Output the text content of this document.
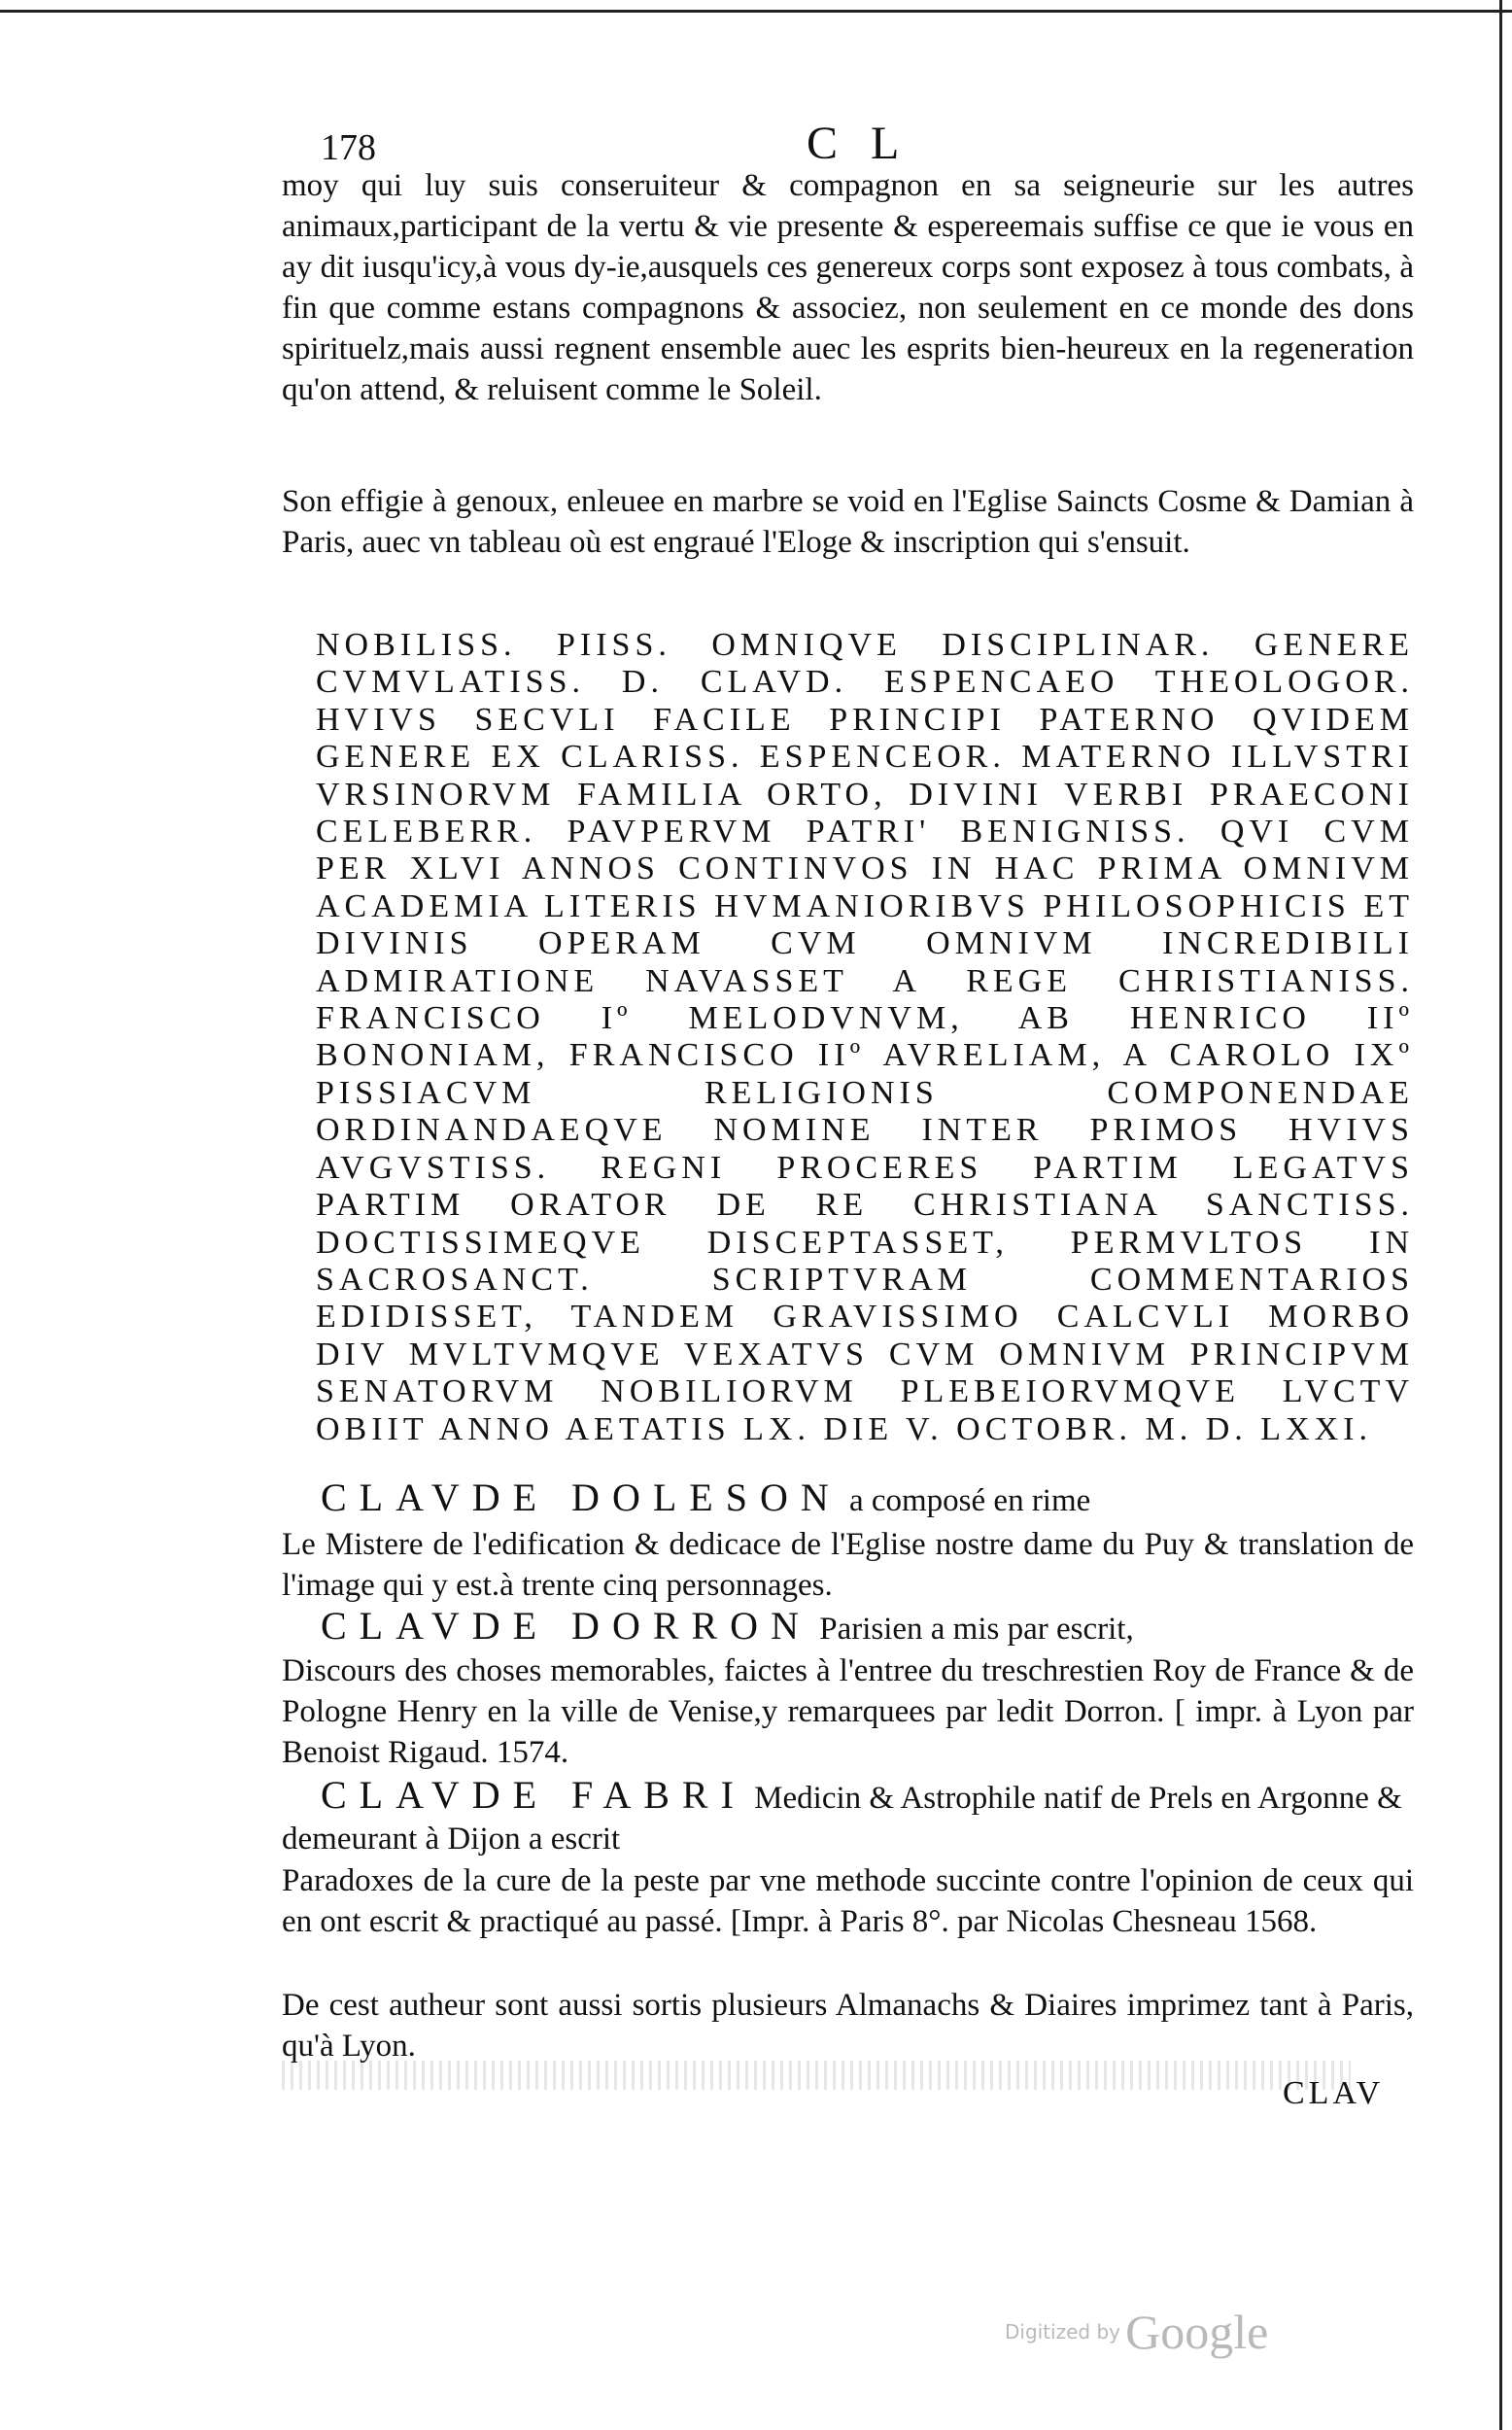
178	CL

moy qui luy suis conseruiteur & compagnon en sa seigneurie sur les autres animaux,participant de la vertu & vie presente & espereemais suffise ce que ie vous en ay dit iusqu'icy,à vous dy-ie,ausquels ces genereux corps sont exposez à tous combats, à fin que comme estans compagnons & associez, non seulement en ce monde des dons spirituelz,mais aussi regnent ensemble auec les esprits bien-heureux en la regeneration qu'on attend, & reluisent comme le Soleil.

Son effigie à genoux, enleuee en marbre se void en l'Eglise Saincts Cosme & Damian à Paris, auec vn tableau où est engraué l'Eloge & inscription qui s'ensuit.

NOBILISS. PIISS. OMNIQVE DISCIPLINAR. GENERE CVMVLATISS. D. CLAVD. ESPENCAEO THEOLOGOR. HVIVS SECVLI FACILE PRINCIPI PATERNO QVIDEM GENERE EX CLARISS. ESPENCEOR. MATERNO ILLVSTRI VRSINORVM FAMILIA ORTO, DIVINI VERBI PRAECONI CELEBERR. PAVPERVM PATRI' BENIGNISS. QVI CVM PER XLVI ANNOS CONTINVOS IN HAC PRIMA OMNIVM ACADEMIA LITERIS HVMANIORIBVS PHILOSOPHICIS ET DIVINIS OPERAM CVM OMNIVM INCREDIBILI ADMIRATIONE NAVASSET A REGE CHRISTIANISS. FRANCISCO Iº MELODVNVM, AB HENRICO IIº BONONIAM, FRANCISCO IIº AVRELIAM, A CAROLO IXº PISSIACVM RELIGIONIS COMPONENDAE ORDINANDAEQVE NOMINE INTER PRIMOS HVIVS AVGVSTISS. REGNI PROCERES PARTIM LEGATVS PARTIM ORATOR DE RE CHRISTIANA SANCTISS. DOCTISSIMEQVE DISCEPTASSET, PERMVLTOS IN SACROSANCT. SCRIPTVRAM COMMENTARIOS EDIDISSET, TANDEM GRAVISSIMO CALCVLI MORBO DIV MVLTVMQVE VEXATVS CVM OMNIVM PRINCIPVM SENATORVM NOBILIORVM PLEBEIORVMQVE LVCTV OBIIT ANNO AETATIS LX. DIE V. OCTOBR. M. D. LXXI.
CLAVDE DOLESON a composé en rime

Le Mistere de l'edification & dedicace de l'Eglise nostre dame du Puy & translation de l'image qui y est.à trente cinq personnages.

CLAVDE DORRON Parisien a mis par escrit,

Discours des choses memorables, faictes à l'entree du treschrestien Roy de France & de Pologne Henry en la ville de Venise,y remarquees par ledit Dorron. [ impr. à Lyon par Benoist Rigaud. 1574.

CLAVDE FABRI Medicin & Astrophile natif de Prels en Argonne & demeurant à Dijon a escrit

Paradoxes de la cure de la peste par vne methode succinte contre l'opinion de ceux qui en ont escrit & practiqué au passé. [Impr. à Paris 8°. par Nicolas Chesneau 1568.

De cest autheur sont aussi sortis plusieurs Almanachs & Diaires imprimez tant à Paris, qu'à Lyon.

CLAV
Digitized by Google
